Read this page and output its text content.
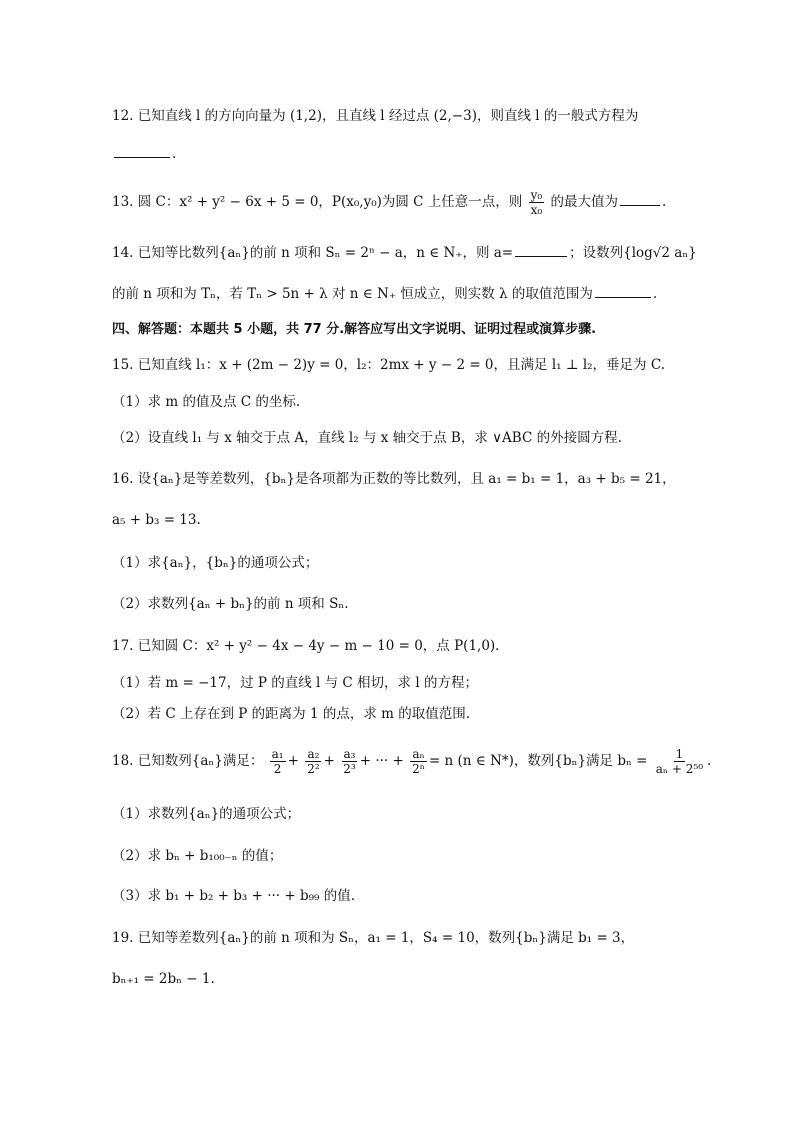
12. 已知直线 l 的方向向量为 (1,2)，且直线 l 经过点 (2,−3)，则直线 l 的一般式方程为
.
13. 圆 C：x² + y² − 6x + 5 = 0，P(x₀,y₀)为圆 C 上任意一点，则 $\frac{\text{y₀}}{\text{x₀}}$ 的最大值为	.
14. 已知等比数列{aₙ}的前 n 项和 Sₙ = 2ⁿ − a，n ∈ N₊，则 a=	；设数列{log√2 aₙ}
的前 n 项和为 Tₙ，若 Tₙ > 5n + λ 对 n ∈ N₊ 恒成立，则实数 λ 的取值范围为	.
四、解答题：本题共 5 小题，共 77 分.解答应写出文字说明、证明过程或演算步骤.
15. 已知直线 l₁：x + (2m − 2)y = 0，l₂：2mx + y − 2 = 0，且满足 l₁ ⊥ l₂，垂足为 C.
（1）求 m 的值及点 C 的坐标.
（2）设直线 l₁ 与 x 轴交于点 A，直线 l₂ 与 x 轴交于点 B，求 ∨ABC 的外接圆方程.
16. 设{aₙ}是等差数列，{bₙ}是各项都为正数的等比数列，且 a₁ = b₁ = 1，a₃ + b₅ = 21，
a₅ + b₃ = 13.
（1）求{aₙ}，{bₙ}的通项公式；
（2）求数列{aₙ + bₙ}的前 n 项和 Sₙ.
17. 已知圆 C：x² + y² − 4x − 4y − m − 10 = 0，点 P(1,0).
（1）若 m = −17，过 P 的直线 l 与 C 相切，求 l 的方程；
（2）若 C 上存在到 P 的距离为 1 的点，求 m 的取值范围.
18. 已知数列{aₙ}满足： $\frac{\text{a₁}}{2} + \frac{\text{a₂}}{\text{2²}} + \frac{\text{a₃}}{\text{2³}}$ + ··· + $\frac{\text{aₙ}}{\text{2ⁿ}} = n$ (n ∈ N*)，数列{bₙ}满足 $b_n = \frac{1}{\text{aₙ + 2⁵⁰}}$ .
（1）求数列{aₙ}的通项公式；
（2）求 bₙ + b₁₀₀₋ₙ 的值；
（3）求 b₁ + b₂ + b₃ + ··· + b₉₉ 的值.
19. 已知等差数列{aₙ}的前 n 项和为 Sₙ，a₁ = 1，S₄ = 10，数列{bₙ}满足 b₁ = 3，
bₙ₊₁ = 2bₙ − 1.
